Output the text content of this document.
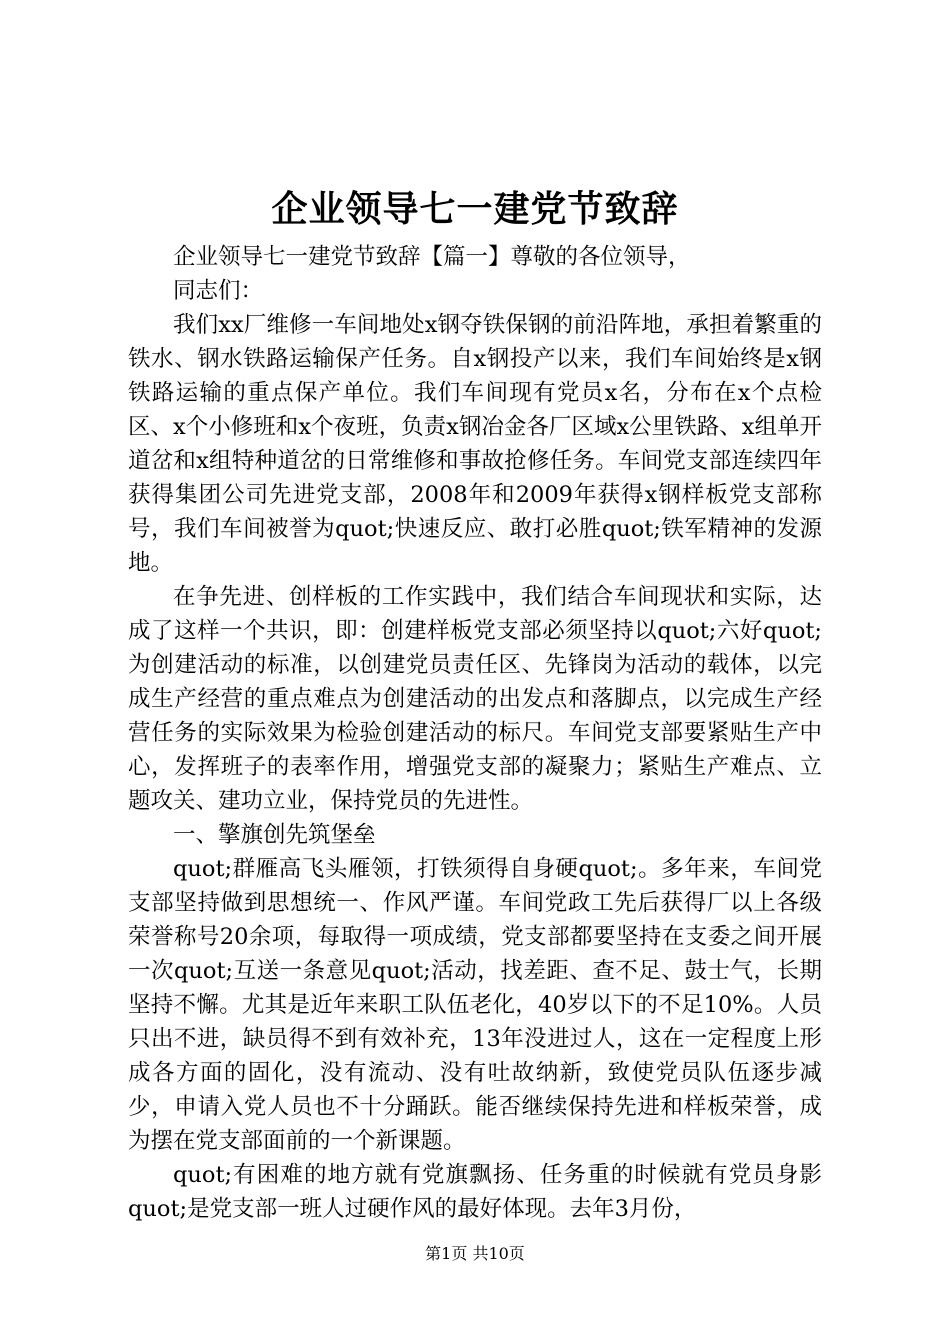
企业领导七一建党节致辞

企业领导七一建党节致辞【篇一】尊敬的各位领导，

同志们：

我们xx厂维修一车间地处x钢夺铁保钢的前沿阵地，承担着繁重的铁水、钢水铁路运输保产任务。自x钢投产以来，我们车间始终是x钢铁路运输的重点保产单位。我们车间现有党员x名，分布在x个点检区、x个小修班和x个夜班，负责x钢冶金各厂区域x公里铁路、x组单开道岔和x组特种道岔的日常维修和事故抢修任务。车间党支部连续四年获得集团公司先进党支部，2008年和2009年获得x钢样板党支部称号，我们车间被誉为quot;快速反应、敢打必胜quot;铁军精神的发源地。

在争先进、创样板的工作实践中，我们结合车间现状和实际，达成了这样一个共识，即：创建样板党支部必须坚持以quot;六好quot;为创建活动的标准，以创建党员责任区、先锋岗为活动的载体，以完成生产经营的重点难点为创建活动的出发点和落脚点，以完成生产经营任务的实际效果为检验创建活动的标尺。车间党支部要紧贴生产中心，发挥班子的表率作用，增强党支部的凝聚力；紧贴生产难点、立题攻关、建功立业，保持党员的先进性。

一、擎旗创先筑堡垒

quot;群雁高飞头雁领，打铁须得自身硬quot;。多年来，车间党支部坚持做到思想统一、作风严谨。车间党政工先后获得厂以上各级荣誉称号20余项，每取得一项成绩，党支部都要坚持在支委之间开展一次quot;互送一条意见quot;活动，找差距、查不足、鼓士气，长期坚持不懈。尤其是近年来职工队伍老化，40岁以下的不足10%。人员只出不进，缺员得不到有效补充，13年没进过人，这在一定程度上形成各方面的固化，没有流动、没有吐故纳新，致使党员队伍逐步减少，申请入党人员也不十分踊跃。能否继续保持先进和样板荣誉，成为摆在党支部面前的一个新课题。

quot;有困难的地方就有党旗飘扬、任务重的时候就有党员身影quot;是党支部一班人过硬作风的最好体现。去年3月份，

第1页 共10页
